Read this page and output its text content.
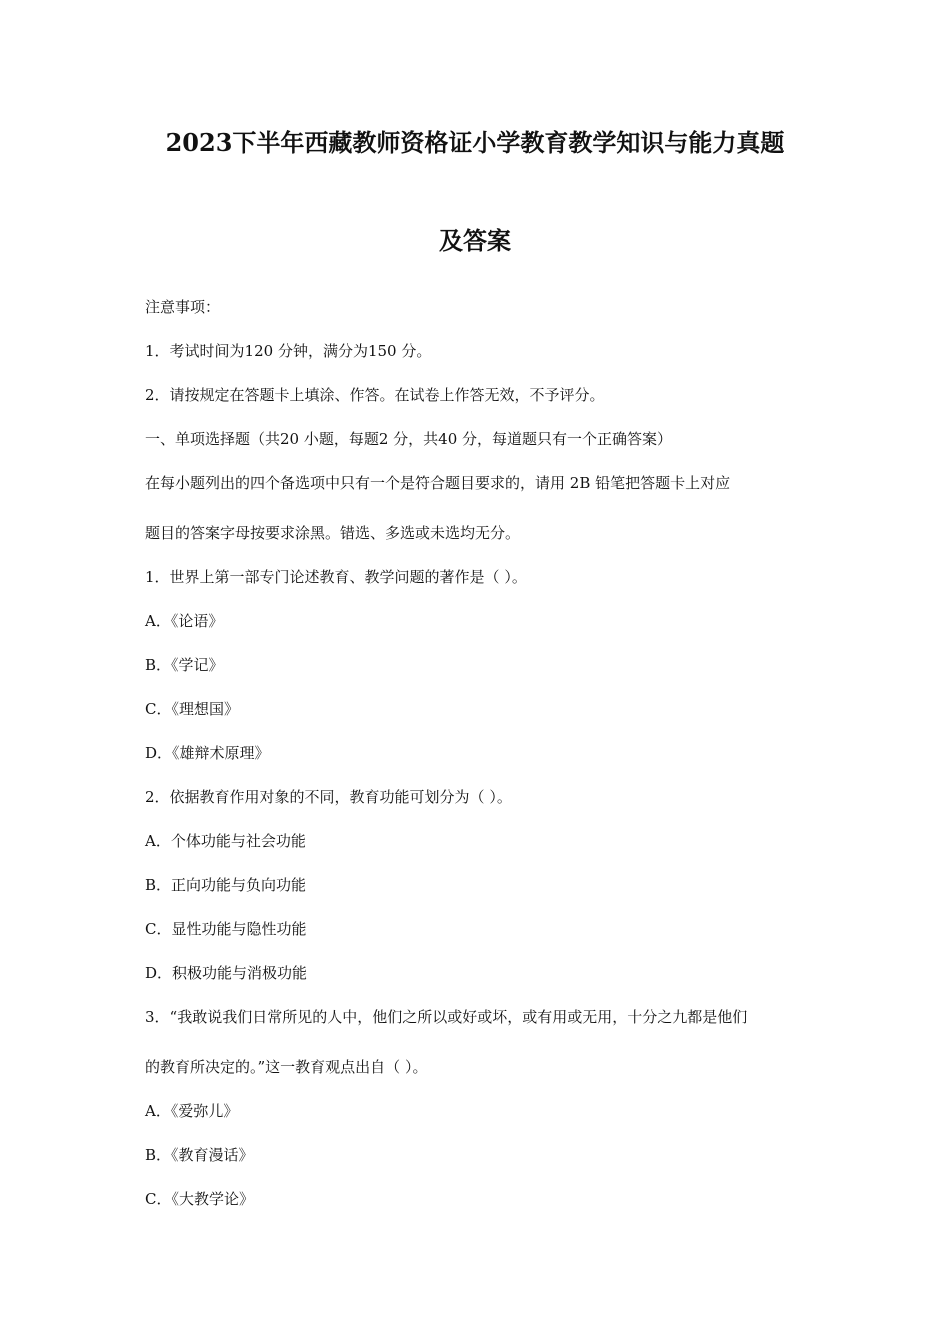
2023下半年西藏教师资格证小学教育教学知识与能力真题
及答案
注意事项：
1．考试时间为120 分钟，满分为150 分。
2．请按规定在答题卡上填涂、作答。在试卷上作答无效，不予评分。
一、单项选择题（共20 小题，每题2 分，共40 分，每道题只有一个正确答案）
在每小题列出的四个备选项中只有一个是符合题目要求的，请用 2B 铅笔把答题卡上对应
题目的答案字母按要求涂黑。错选、多选或未选均无分。
1．世界上第一部专门论述教育、教学问题的著作是（ ）。
A．《论语》
B．《学记》
C．《理想国》
D．《雄辩术原理》
2．依据教育作用对象的不同，教育功能可划分为（ ）。
A．个体功能与社会功能
B．正向功能与负向功能
C．显性功能与隐性功能
D．积极功能与消极功能
3．“我敢说我们日常所见的人中，他们之所以或好或坏，或有用或无用，十分之九都是他们
的教育所决定的。”这一教育观点出自（ ）。
A．《爱弥儿》
B．《教育漫话》
C．《大教学论》
